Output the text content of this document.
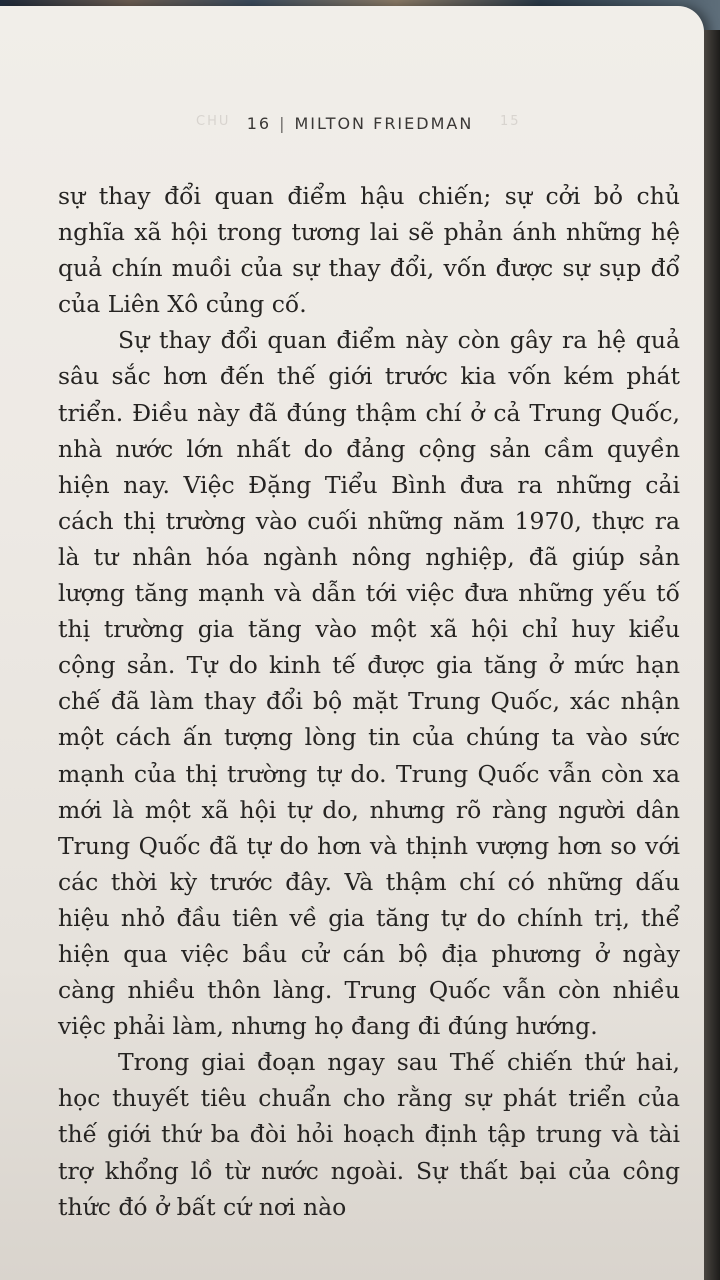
CHU	15
16 | MILTON FRIEDMAN

sự thay đổi quan điểm hậu chiến; sự cởi bỏ chủ nghĩa xã hội trong tương lai sẽ phản ánh những hệ quả chín muồi của sự thay đổi, vốn được sự sụp đổ của Liên Xô củng cố.

Sự thay đổi quan điểm này còn gây ra hệ quả sâu sắc hơn đến thế giới trước kia vốn kém phát triển. Điều này đã đúng thậm chí ở cả Trung Quốc, nhà nước lớn nhất do đảng cộng sản cầm quyền hiện nay. Việc Đặng Tiểu Bình đưa ra những cải cách thị trường vào cuối những năm 1970, thực ra là tư nhân hóa ngành nông nghiệp, đã giúp sản lượng tăng mạnh và dẫn tới việc đưa những yếu tố thị trường gia tăng vào một xã hội chỉ huy kiểu cộng sản. Tự do kinh tế được gia tăng ở mức hạn chế đã làm thay đổi bộ mặt Trung Quốc, xác nhận một cách ấn tượng lòng tin của chúng ta vào sức mạnh của thị trường tự do. Trung Quốc vẫn còn xa mới là một xã hội tự do, nhưng rõ ràng người dân Trung Quốc đã tự do hơn và thịnh vượng hơn so với các thời kỳ trước đây. Và thậm chí có những dấu hiệu nhỏ đầu tiên về gia tăng tự do chính trị, thể hiện qua việc bầu cử cán bộ địa phương ở ngày càng nhiều thôn làng. Trung Quốc vẫn còn nhiều việc phải làm, nhưng họ đang đi đúng hướng.

Trong giai đoạn ngay sau Thế chiến thứ hai, học thuyết tiêu chuẩn cho rằng sự phát triển của thế giới thứ ba đòi hỏi hoạch định tập trung và tài trợ khổng lồ từ nước ngoài. Sự thất bại của công thức đó ở bất cứ nơi nào
